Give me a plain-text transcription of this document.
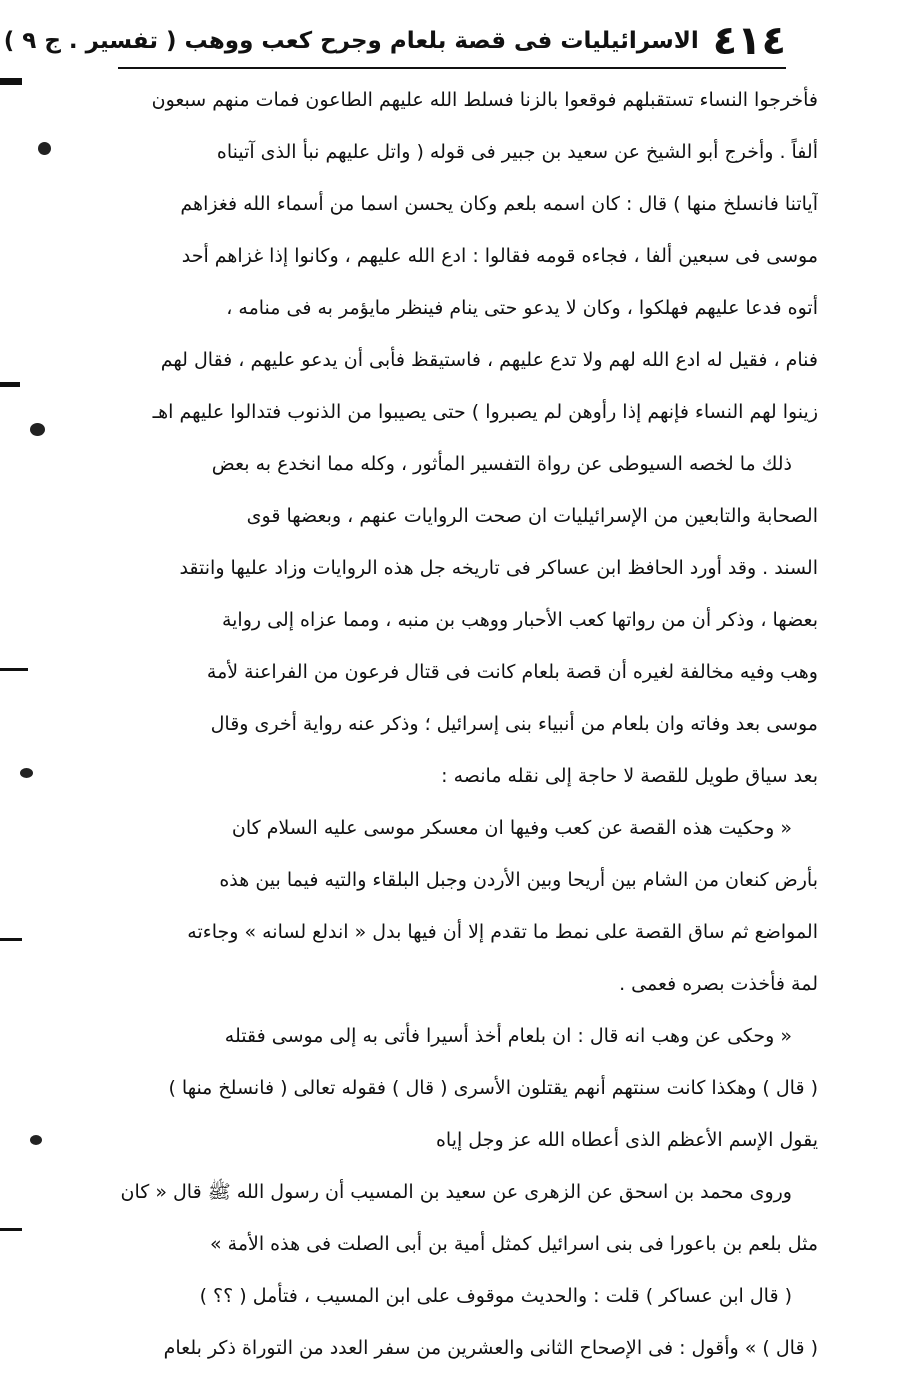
٤١٤
الاسرائيليات فى قصة بلعام وجرح كعب ووهب ( تفسير . ج ٩ )
فأخرجوا النساء تستقبلهم فوقعوا بالزنا فسلط الله عليهم الطاعون فمات منهم سبعون
ألفاً . وأخرج أبو الشيخ عن سعيد بن جبير فى قوله ( واتل عليهم نبأ الذى آتيناه
آياتنا فانسلخ منها ) قال : كان اسمه بلعم وكان يحسن اسما من أسماء الله فغزاهم
موسى فى سبعين ألفا ، فجاءه قومه فقالوا : ادع الله عليهم ، وكانوا إذا غزاهم أحد
أتوه فدعا عليهم فهلكوا ، وكان لا يدعو حتى ينام فينظر مايؤمر به فى منامه ،
فنام ، فقيل له ادع الله لهم ولا تدع عليهم ، فاستيقظ فأبى أن يدعو عليهم ، فقال لهم
زينوا لهم النساء فإنهم إذا رأوهن لم يصبروا ) حتى يصيبوا من الذنوب فتدالوا عليهم اهـ
ذلك ما لخصه السيوطى عن رواة التفسير المأثور ، وكله مما انخدع به بعض
الصحابة والتابعين من الإسرائيليات ان صحت الروايات عنهم ، وبعضها قوى
السند . وقد أورد الحافظ ابن عساكر فى تاريخه جل هذه الروايات وزاد عليها وانتقد
بعضها ، وذكر أن من رواتها كعب الأحبار ووهب بن منبه ، ومما عزاه إلى رواية
وهب وفيه مخالفة لغيره أن قصة بلعام كانت فى قتال فرعون من الفراعنة لأمة
موسى بعد وفاته وان بلعام من أنبياء بنى إسرائيل ؛ وذكر عنه رواية أخرى وقال
بعد سياق طويل للقصة لا حاجة إلى نقله مانصه :
« وحكيت هذه القصة عن كعب وفيها ان معسكر موسى عليه السلام كان
بأرض كنعان من الشام بين أريحا وبين الأردن وجبل البلقاء والتيه فيما بين هذه
المواضع ثم ساق القصة على نمط ما تقدم إلا أن فيها بدل « اندلع لسانه » وجاءته
لمة فأخذت بصره فعمى .
« وحكى عن وهب انه قال : ان بلعام أخذ أسيرا فأتى به إلى موسى فقتله
( قال ) وهكذا كانت سنتهم أنهم يقتلون الأسرى ( قال ) فقوله تعالى ( فانسلخ منها )
يقول الإسم الأعظم الذى أعطاه الله عز وجل إياه
وروى محمد بن اسحق عن الزهرى عن سعيد بن المسيب أن رسول الله ﷺ قال « كان
مثل بلعم بن باعورا فى بنى اسرائيل كمثل أمية بن أبى الصلت فى هذه الأمة »
( قال ابن عساكر ) قلت : والحديث موقوف على ابن المسيب ، فتأمل ( ؟؟ )
( قال ) » وأقول : فى الإصحاح الثانى والعشرين من سفر العدد من التوراة ذكر بلعام
